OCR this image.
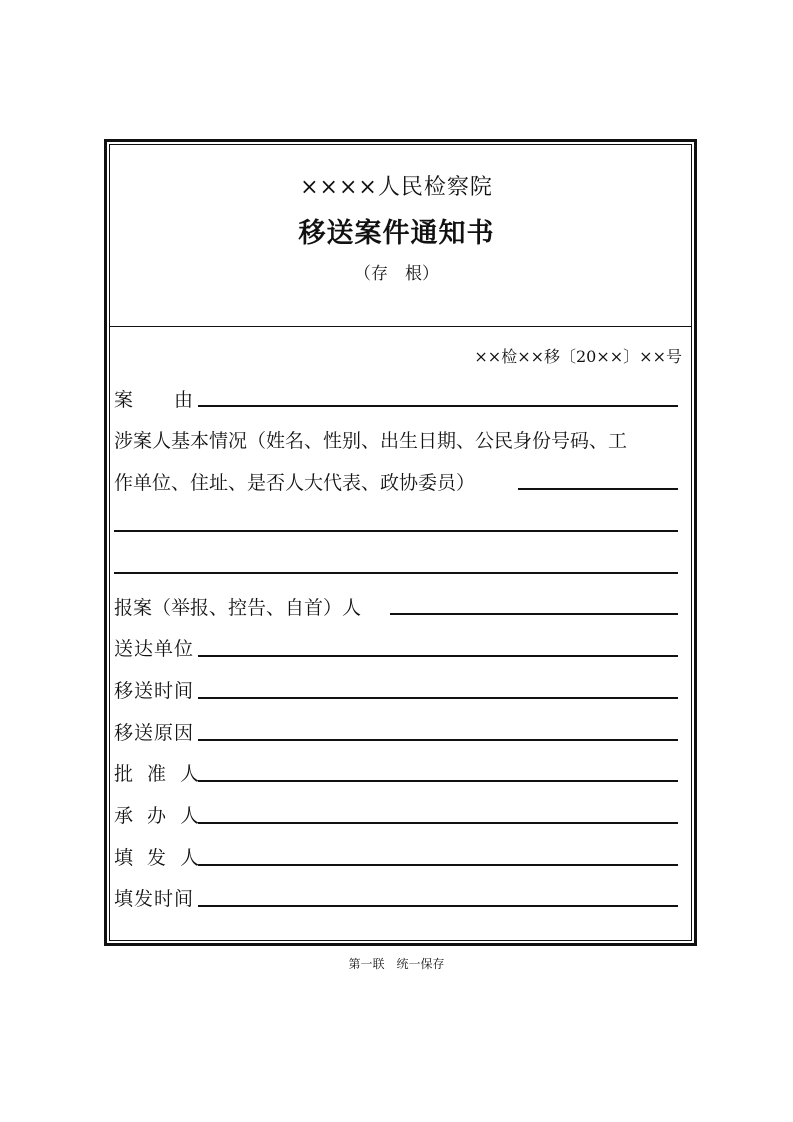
××××人民检察院
移送案件通知书
（存　根）
××检××移〔20××〕××号
案　　由
涉案人基本情况（姓名、性别、出生日期、公民身份号码、工
作单位、住址、是否人大代表、政协委员）
报案（举报、控告、自首）人
送达单位
移送时间
移送原因
批 准 人
承 办 人
填 发 人
填发时间
第一联　统一保存
